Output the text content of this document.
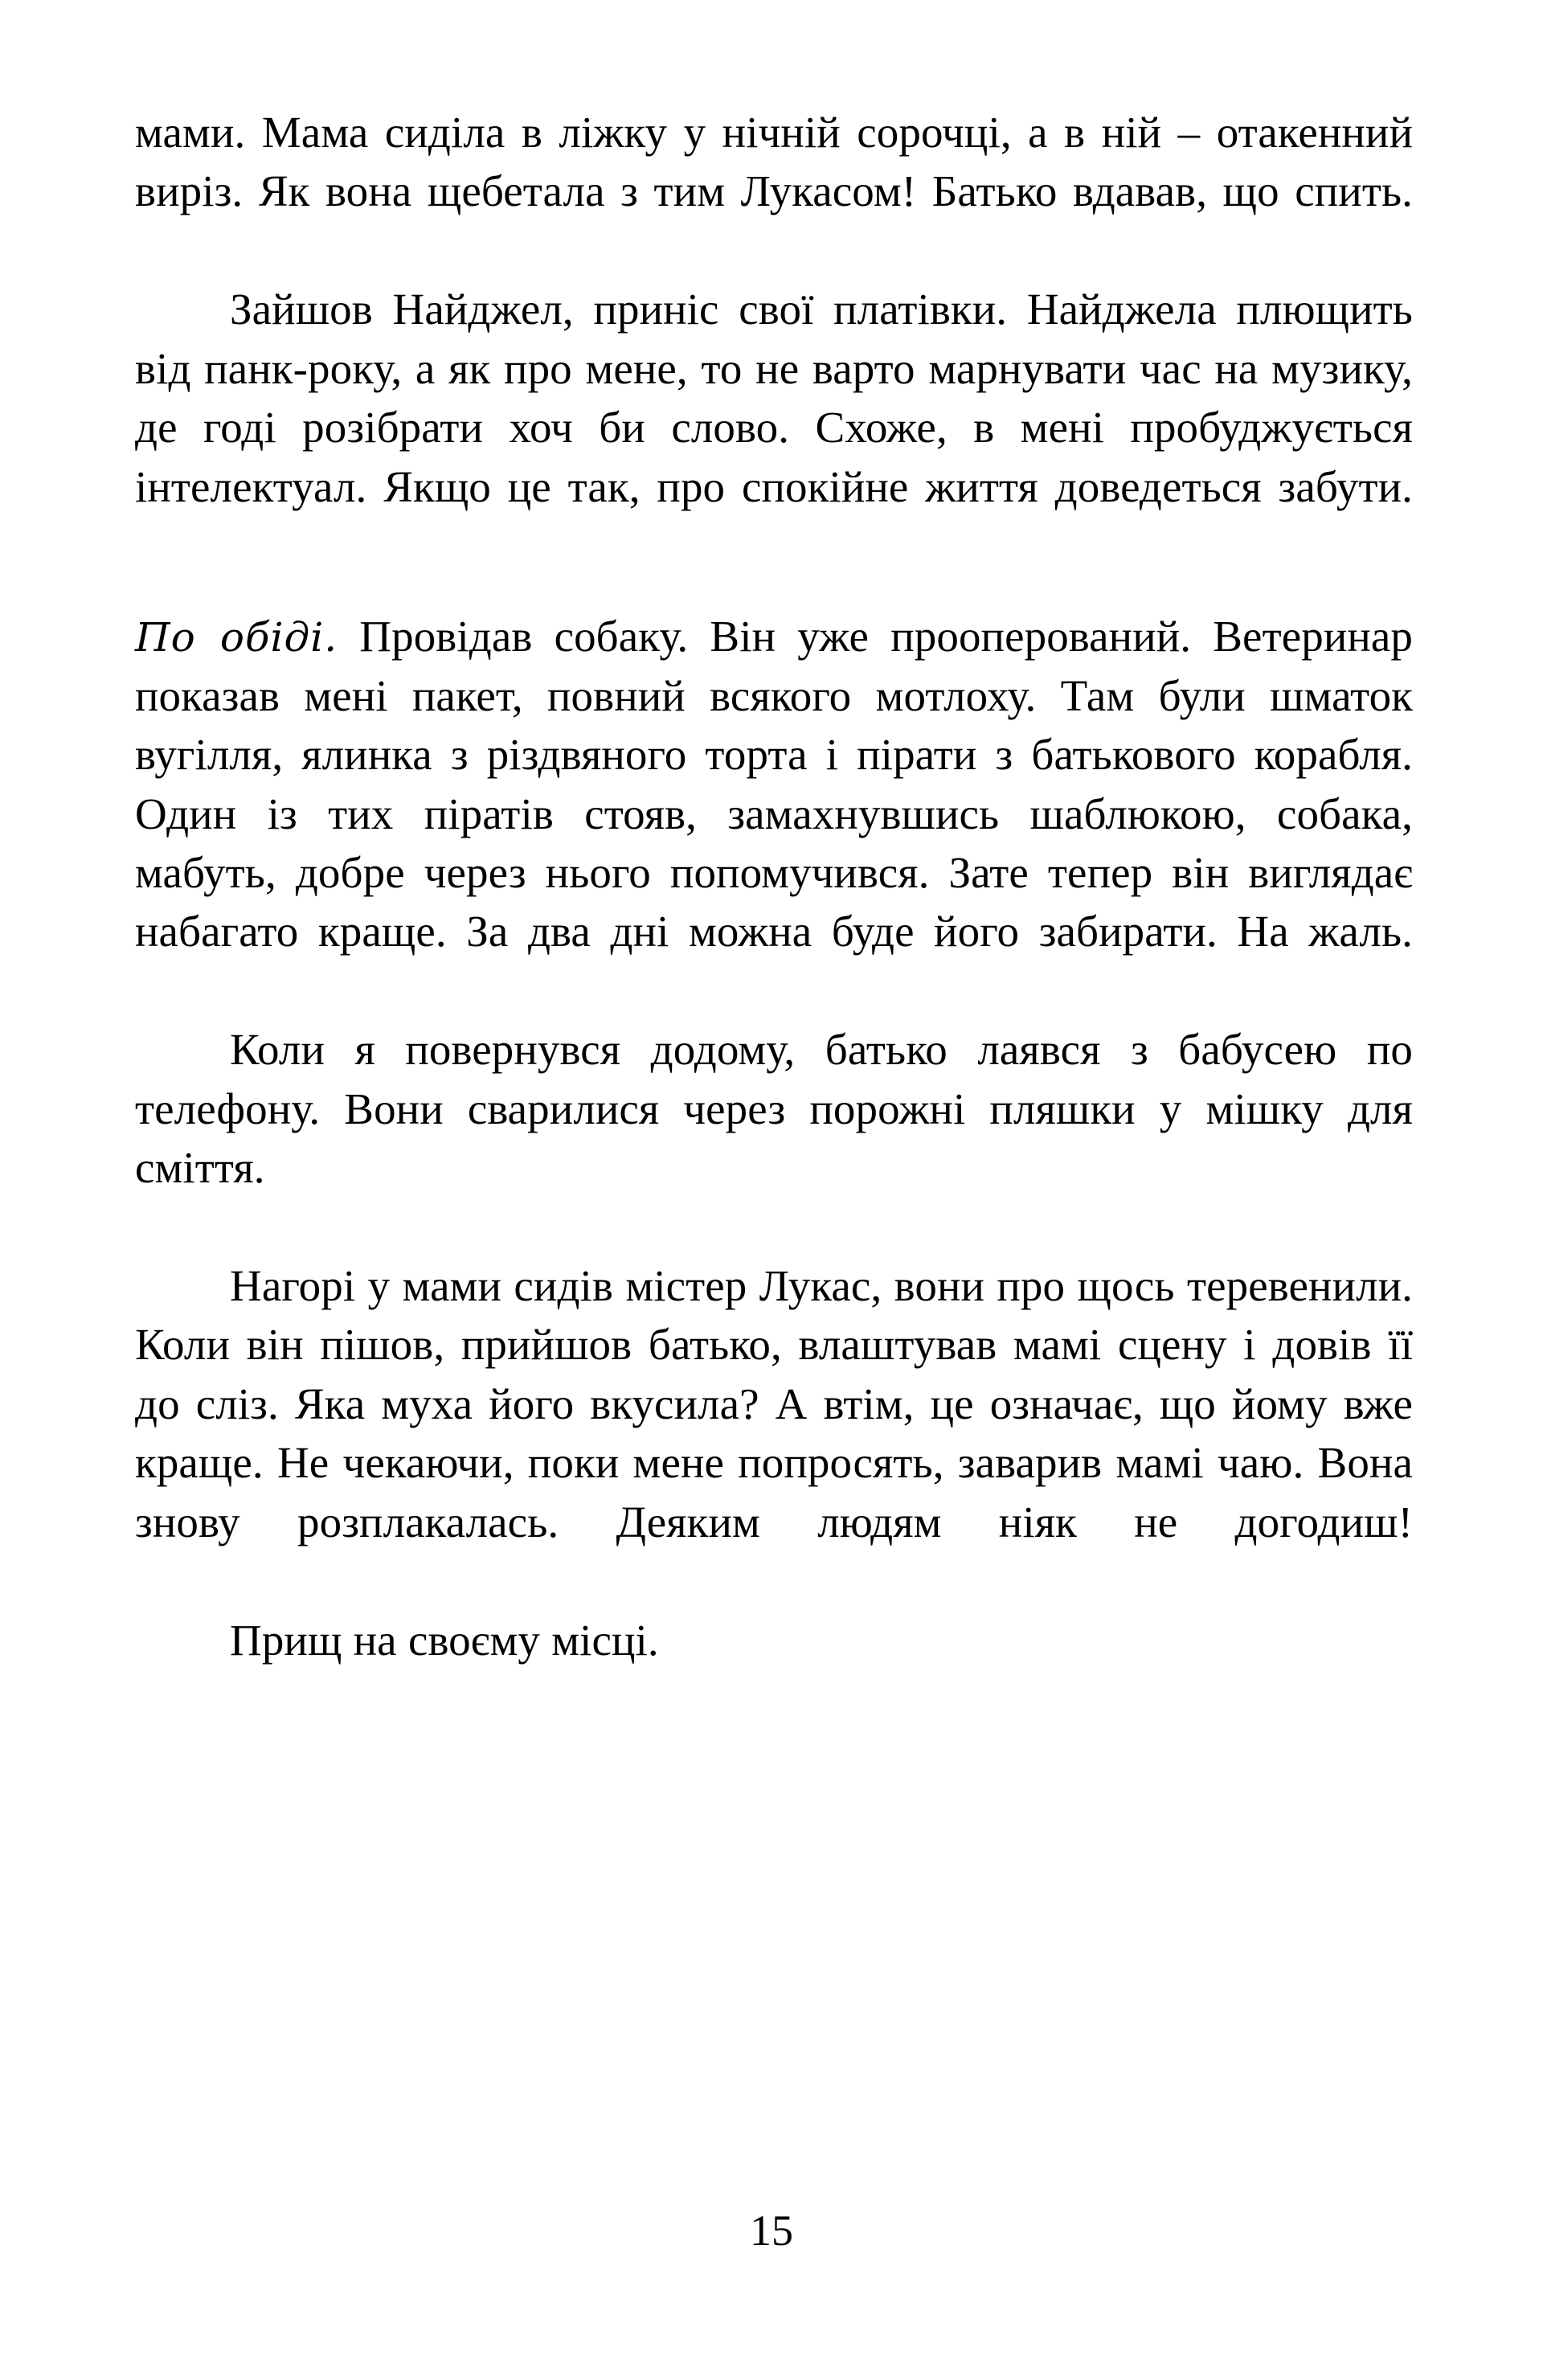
мами. Мама сиділа в ліжку у нічній сорочці, а в ній – отакенний виріз. Як вона щебетала з тим Лукасом! Батько вдавав, що спить.

Зайшов Найджел, приніс свої платівки. Найджела плющить від панк-року, а як про мене, то не варто марнувати час на музику, де годі розібрати хоч би слово. Схоже, в мені пробуджується інтелектуал. Якщо це так, про спокійне життя доведеться забути.

По обіді. Провідав собаку. Він уже прооперований. Ветеринар показав мені пакет, повний всякого мотлоху. Там були шматок вугілля, ялинка з різдвяного торта і пірати з батькового корабля. Один із тих піратів стояв, замахнувшись шаблюкою, собака, мабуть, добре через нього попомучився. Зате тепер він виглядає набагато краще. За два дні можна буде його забирати. На жаль.

Коли я повернувся додому, батько лаявся з бабусею по телефону. Вони сварилися через порожні пляшки у мішку для сміття.

Нагорі у мами сидів містер Лукас, вони про щось теревенили. Коли він пішов, прийшов батько, влаштував мамі сцену і довів її до сліз. Яка муха його вкусила? А втім, це означає, що йому вже краще. Не чекаючи, поки мене попросять, заварив мамі чаю. Вона знову розплакалась. Деяким людям ніяк не догодиш!

Прищ на своєму місці.

15
